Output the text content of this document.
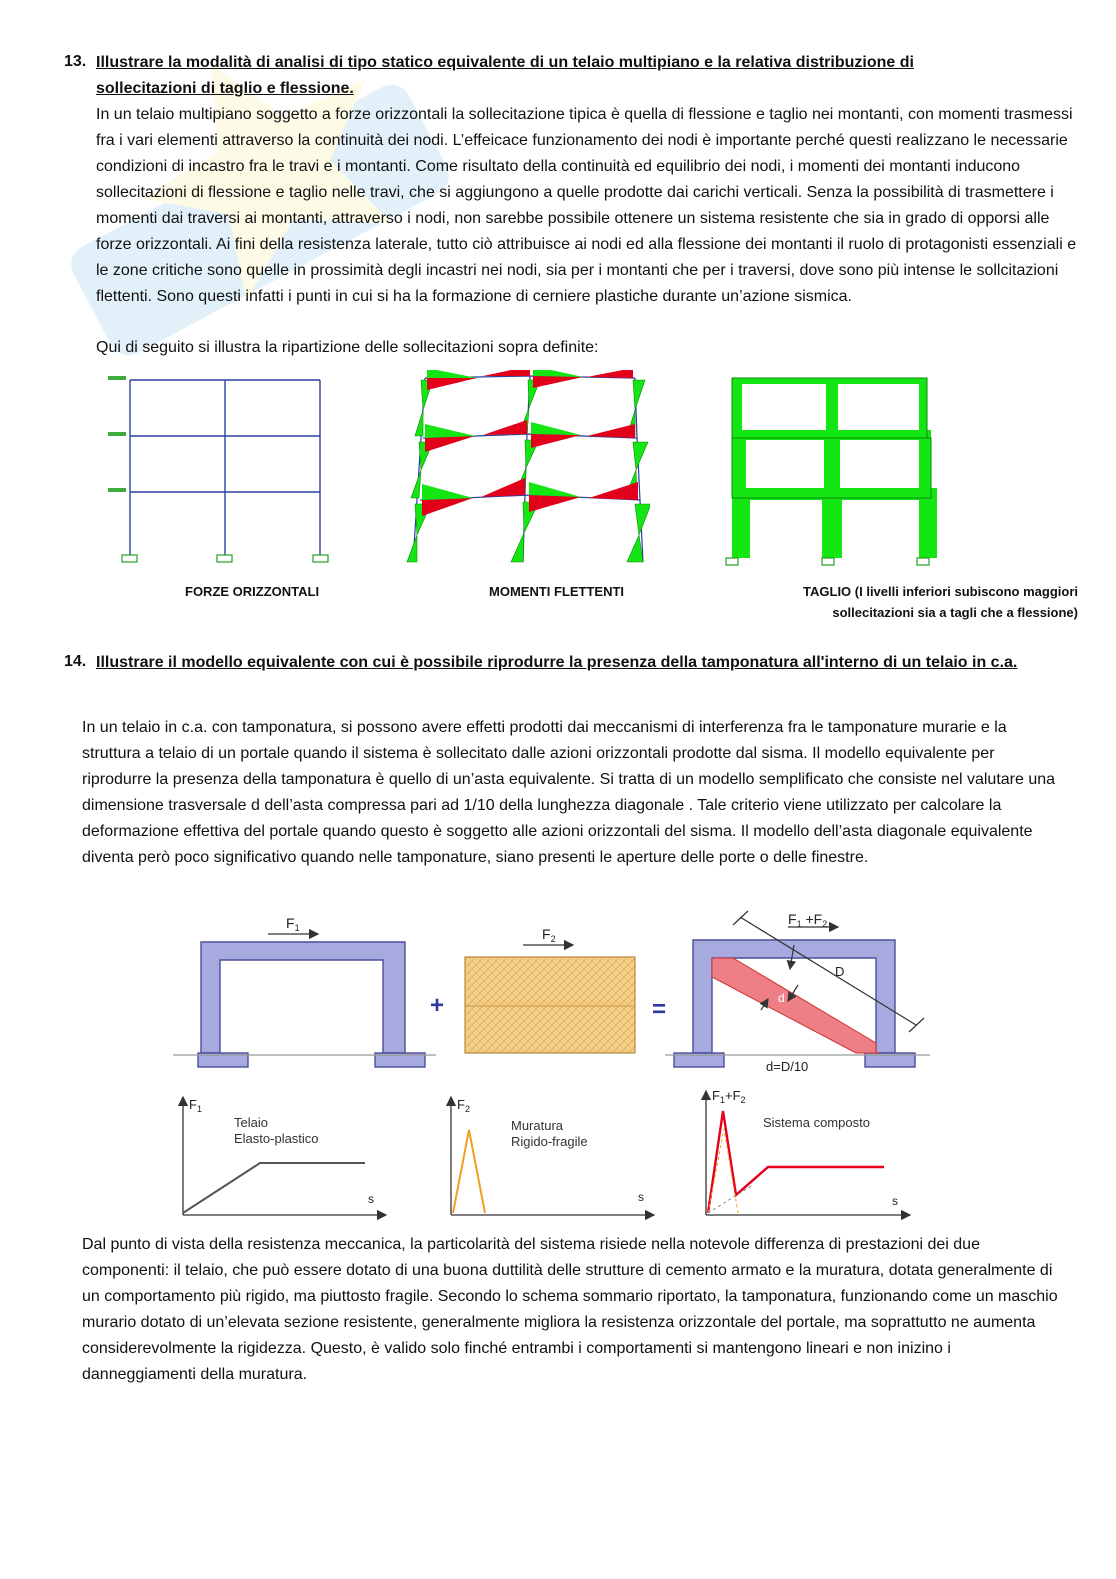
13. Illustrare la modalità di analisi di tipo statico equivalente di un telaio multipiano e la relativa distribuzione di sollecitazioni di taglio e flessione.
In un telaio multipiano soggetto a forze orizzontali la sollecitazione tipica è quella di flessione e taglio nei montanti, con momenti trasmessi fra i vari elementi attraverso la continuità dei nodi. L’effeicace funzionamento dei nodi è importante perché questi realizzano le necessarie condizioni di incastro fra le travi e i montanti. Come risultato della continuità ed equilibrio dei nodi, i momenti dei montanti inducono sollecitazioni di flessione e taglio nelle travi, che si aggiungono a quelle prodotte dai carichi verticali. Senza la possibilità di trasmettere i momenti dai traversi ai montanti, attraverso i nodi, non sarebbe possibile ottenere un sistema resistente che sia in grado di opporsi alle forze orizzontali. Ai fini della resistenza laterale, tutto ciò attribuisce ai nodi ed alla flessione dei montanti il ruolo di protagonisti essenziali e le zone critiche sono quelle in prossimità degli incastri nei nodi, sia per i montanti che per i traversi, dove sono più intense le sollcitazioni flettenti. Sono questi infatti i punti in cui si ha la formazione di cerniere plastiche durante un’azione sismica.
Qui di seguito si illustra la ripartizione delle sollecitazioni sopra definite:
FORZE ORIZZONTALI	MOMENTI FLETTENTI	TAGLIO (I livelli inferiori subiscono maggiori sollecitazioni sia a tagli che a flessione)
14. Illustrare il modello equivalente con cui è possibile riprodurre la presenza della tamponatura all'interno di un telaio in c.a.
In un telaio in c.a. con tamponatura, si possono avere effetti prodotti dai meccanismi di interferenza fra le tamponature murarie e la struttura a telaio di un portale quando il sistema è sollecitato dalle azioni orizzontali prodotte dal sisma. Il modello equivalente per riprodurre la presenza della tamponatura è quello di un’asta equivalente. Si tratta di un modello semplificato che consiste nel valutare una dimensione trasversale d dell’asta compressa pari ad 1/10 della lunghezza diagonale . Tale criterio viene utilizzato per calcolare la deformazione effettiva del portale quando questo è soggetto alle azioni orizzontali del sisma. Il modello dell’asta diagonale equivalente diventa però poco significativo quando nelle tamponature, siano presenti le aperture delle porte o delle finestre.
$F_1$
+
$F_2$
=
$F_1 +F_2$
D
d
d=D/10
$F_1$
Telaio
Elasto-plastico
s
$F_2$
Muratura
Rigido-fragile
s
$F_1+F_2$
Sistema composto
s
Dal punto di vista della resistenza meccanica, la particolarità del sistema risiede nella notevole differenza di prestazioni dei due componenti: il telaio, che può essere dotato di una buona duttilità delle strutture di cemento armato e la muratura, dotata generalmente di un comportamento più rigido, ma piuttosto fragile. Secondo lo schema sommario riportato, la tamponatura, funzionando come un maschio murario dotato di un’elevata sezione resistente, generalmente migliora la resistenza orizzontale del portale, ma soprattutto ne aumenta considerevolmente la rigidezza. Questo, è valido solo finché entrambi i comportamenti si mantengono lineari e non inizino i danneggiamenti della muratura.
